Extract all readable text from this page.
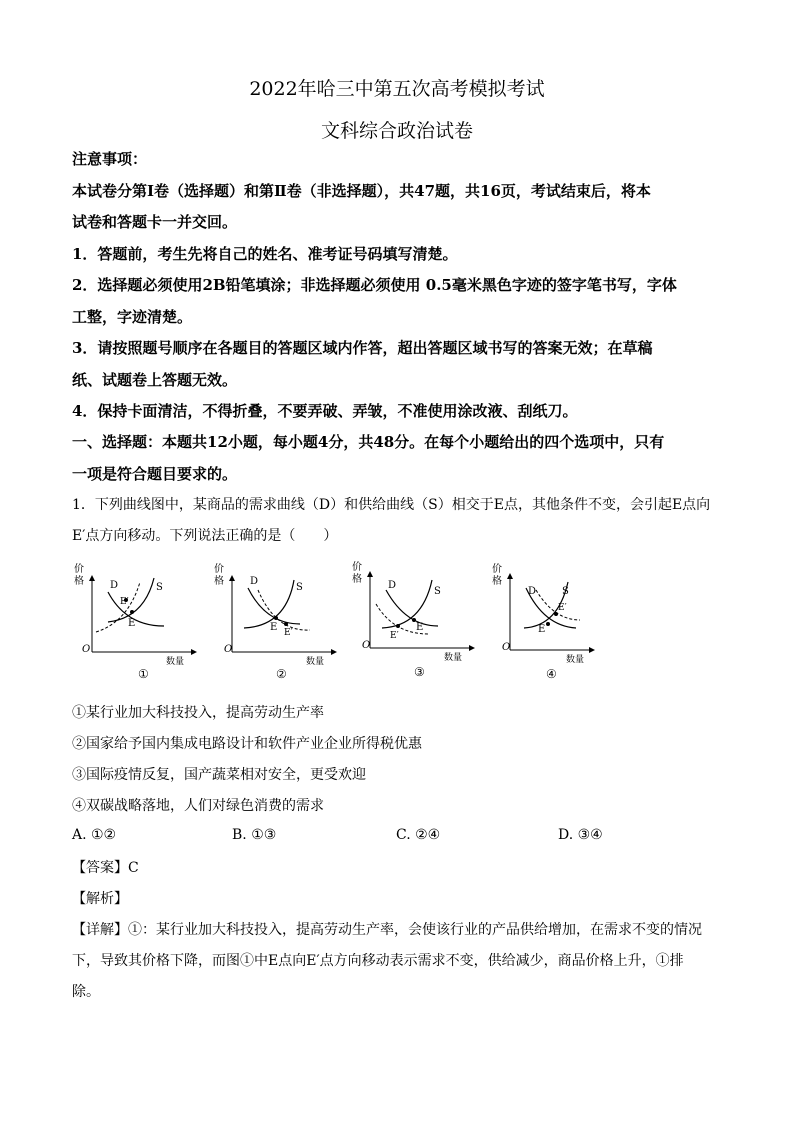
2022年哈三中第五次高考模拟考试
文科综合政治试卷
注意事项：
本试卷分第Ⅰ卷（选择题）和第Ⅱ卷（非选择题），共47题，共16页，考试结束后，将本
试卷和答题卡一并交回。
1．答题前，考生先将自己的姓名、准考证号码填写清楚。
2．选择题必须使用2B铅笔填涂；非选择题必须使用 0.5毫米黑色字迹的签字笔书写，字体
工整，字迹清楚。
3．请按照题号顺序在各题目的答题区域内作答，超出答题区域书写的答案无效；在草稿
纸、试题卷上答题无效。
4．保持卡面清洁，不得折叠，不要弄破、弄皱，不准使用涂改液、刮纸刀。
一、选择题：本题共12小题，每小题4分，共48分。在每个小题给出的四个选项中，只有
一项是符合题目要求的。
1．下列曲线图中，某商品的需求曲线（D）和供给曲线（S）相交于E点，其他条件不变，会引起E点向
E′点方向移动。下列说法正确的是（　　）
价
格
O
数量
D	S
E
E′
①
价
格
O
数量
D
S
E E′
②
价
格
O
数量
D
S
E
E′
③
价
格
O
数量
D	S
E
E′
④
①某行业加大科技投入，提高劳动生产率
②国家给予国内集成电路设计和软件产业企业所得税优惠
③国际疫情反复，国产蔬菜相对安全，更受欢迎
④双碳战略落地，人们对绿色消费的需求
A. ①②	B. ①③	C. ②④	D. ③④
【答案】C
【解析】
【详解】①：某行业加大科技投入，提高劳动生产率，会使该行业的产品供给增加，在需求不变的情况
下，导致其价格下降，而图①中E点向E′点方向移动表示需求不变，供给减少，商品价格上升，①排
除。
